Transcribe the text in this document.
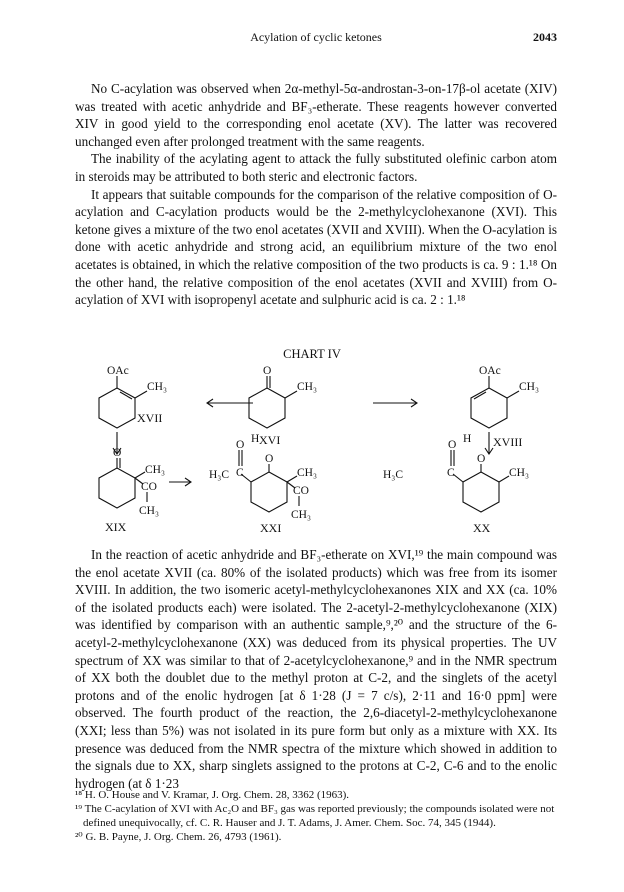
Acylation of cyclic ketones	2043

No C-acylation was observed when 2α-methyl-5α-androstan-3-on-17β-ol acetate (XIV) was treated with acetic anhydride and BF₃-etherate. These reagents however converted XIV in good yield to the corresponding enol acetate (XV). The latter was recovered unchanged even after prolonged treatment with the same reagents.

The inability of the acylating agent to attack the fully substituted olefinic carbon atom in steroids may be attributed to both steric and electronic factors.

It appears that suitable compounds for the comparison of the relative composition of O-acylation and C-acylation products would be the 2-methylcyclohexanone (XVI). This ketone gives a mixture of the two enol acetates (XVII and XVIII). When the O-acylation is done with acetic anhydride and strong acid, an equilibrium mixture of the two enol acetates is obtained, in which the relative composition of the two products is ca. 9 : 1.¹⁸ On the other hand, the relative composition of the enol acetates (XVII and XVIII) from O-acylation of XVI with isopropenyl acetate and sulphuric acid is ca. 2 : 1.¹⁸

CHART IV
OAc
CH₃
XVII
O
CH₃
XVI
OAc
CH₃
XVIII
O
CH₃
CO
CH₃
XIX
O H
O
H₃C C	CH₃
CO
CH₃
XXI
O H
O
H₃C	C	CH₃
XX

In the reaction of acetic anhydride and BF₃-etherate on XVI,¹⁹ the main compound was the enol acetate XVII (ca. 80% of the isolated products) which was free from its isomer XVIII. In addition, the two isomeric acetyl-methylcyclohexanones XIX and XX (ca. 10% of the isolated products each) were isolated. The 2-acetyl-2-methylcyclohexanone (XIX) was identified by comparison with an authentic sample,⁹,²⁰ and the structure of the 6-acetyl-2-methylcyclohexanone (XX) was deduced from its physical properties. The UV spectrum of XX was similar to that of 2-acetylcyclohexanone,⁹ and in the NMR spectrum of XX both the doublet due to the methyl proton at C-2, and the singlets of the acetyl protons and of the enolic hydrogen [at δ 1·28 (J = 7 c/s), 2·11 and 16·0 ppm] were observed. The fourth product of the reaction, the 2,6-diacetyl-2-methylcyclohexanone (XXI; less than 5%) was not isolated in its pure form but only as a mixture with XX. Its presence was deduced from the NMR spectra of the mixture which showed in addition to the signals due to XX, sharp singlets assigned to the protons at C-2, C-6 and to the enolic hydrogen (at δ 1·23

¹⁸ H. O. House and V. Kramar, J. Org. Chem. 28, 3362 (1963).

¹⁹ The C-acylation of XVI with Ac₂O and BF₃ gas was reported previously; the compounds isolated were not defined unequivocally, cf. C. R. Hauser and J. T. Adams, J. Amer. Chem. Soc. 74, 345 (1944).

²⁰ G. B. Payne, J. Org. Chem. 26, 4793 (1961).
